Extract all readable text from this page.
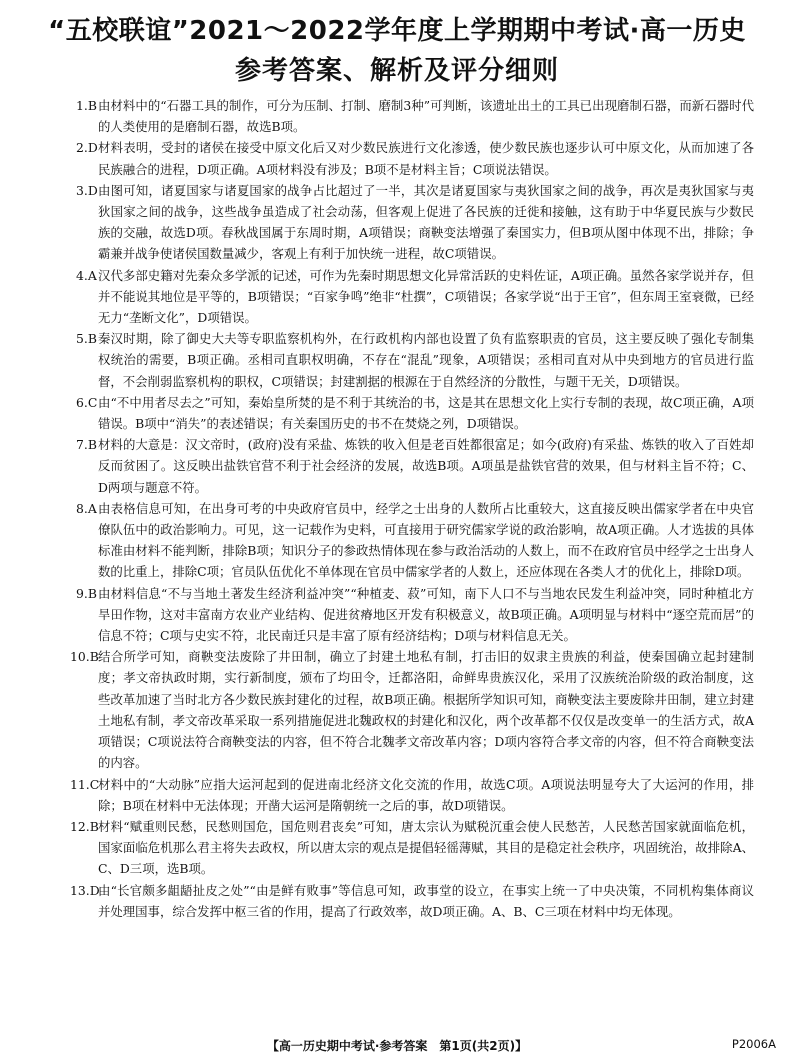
“五校联谊”2021～2022学年度上学期期中考试·高一历史
参考答案、解析及评分细则

1.B 由材料中的“石器工具的制作，可分为压制、打制、磨制3种”可判断，该遗址出土的工具已出现磨制石器，而新石器时代的人类使用的是磨制石器，故选B项。

2.D 材料表明，受封的诸侯在接受中原文化后又对少数民族进行文化渗透，使少数民族也逐步认可中原文化，从而加速了各民族融合的进程，D项正确。A项材料没有涉及；B项不是材料主旨；C项说法错误。

3.D 由图可知，诸夏国家与诸夏国家的战争占比超过了一半，其次是诸夏国家与夷狄国家之间的战争，再次是夷狄国家与夷狄国家之间的战争，这些战争虽造成了社会动荡，但客观上促进了各民族的迁徙和接触，这有助于中华夏民族与少数民族的交融，故选D项。春秋战国属于东周时期，A项错误；商鞅变法增强了秦国实力，但B项从图中体现不出，排除；争霸兼并战争使诸侯国数量减少，客观上有利于加快统一进程，故C项错误。

4.A 汉代多部史籍对先秦众多学派的记述，可作为先秦时期思想文化异常活跃的史料佐证，A项正确。虽然各家学说并存，但并不能说其地位是平等的，B项错误；“百家争鸣”绝非“杜撰”，C项错误；各家学说“出于王官”，但东周王室衰微，已经无力“垄断文化”，D项错误。

5.B 秦汉时期，除了御史大夫等专职监察机构外，在行政机构内部也设置了负有监察职责的官员，这主要反映了强化专制集权统治的需要，B项正确。丞相司直职权明确，不存在“混乱”现象，A项错误；丞相司直对从中央到地方的官员进行监督，不会削弱监察机构的职权，C项错误；封建割据的根源在于自然经济的分散性，与题干无关，D项错误。

6.C 由“不中用者尽去之”可知，秦始皇所焚的是不利于其统治的书，这是其在思想文化上实行专制的表现，故C项正确，A项错误。B项中“消失”的表述错误；有关秦国历史的书不在焚烧之列，D项错误。

7.B 材料的大意是：汉文帝时，(政府)没有采盐、炼铁的收入但是老百姓都很富足；如今(政府)有采盐、炼铁的收入了百姓却反而贫困了。这反映出盐铁官营不利于社会经济的发展，故选B项。A项虽是盐铁官营的效果，但与材料主旨不符；C、D两项与题意不符。

8.A 由表格信息可知，在出身可考的中央政府官员中，经学之士出身的人数所占比重较大，这直接反映出儒家学者在中央官僚队伍中的政治影响力。可见，这一记载作为史料，可直接用于研究儒家学说的政治影响，故A项正确。人才选拔的具体标准由材料不能判断，排除B项；知识分子的参政热情体现在参与政治活动的人数上，而不在政府官员中经学之士出身人数的比重上，排除C项；官员队伍优化不单体现在官员中儒家学者的人数上，还应体现在各类人才的优化上，排除D项。

9.B 由材料信息“不与当地土著发生经济利益冲突”“种植麦、菽”可知，南下人口不与当地农民发生利益冲突，同时种植北方旱田作物，这对丰富南方农业产业结构、促进贫瘠地区开发有积极意义，故B项正确。A项明显与材料中“逐空荒而居”的信息不符；C项与史实不符，北民南迁只是丰富了原有经济结构；D项与材料信息无关。

10.B 结合所学可知，商鞅变法废除了井田制，确立了封建土地私有制，打击旧的奴隶主贵族的利益，使秦国确立起封建制度；孝文帝执政时期，实行新制度，颁布了均田令，迁都洛阳，命鲜卑贵族汉化，采用了汉族统治阶级的政治制度，这些改革加速了当时北方各少数民族封建化的过程，故B项正确。根据所学知识可知，商鞅变法主要废除井田制，建立封建土地私有制，孝文帝改革采取一系列措施促进北魏政权的封建化和汉化，两个改革都不仅仅是改变单一的生活方式，故A项错误；C项说法符合商鞅变法的内容，但不符合北魏孝文帝改革内容；D项内容符合孝文帝的内容，但不符合商鞅变法的内容。

11.C
材料中的“大动脉”应指大运河起到的促进南北经济文化交流的作用，故选C项。A项说法明显夸大了大运河的作用，排除；B项在材料中无法体现；开凿大运河是隋朝统一之后的事，故D项错误。

12.B 材料“赋重则民愁，民愁则国危，国危则君丧矣”可知，唐太宗认为赋税沉重会使人民愁苦，人民愁苦国家就面临危机，国家面临危机那么君主将失去政权，所以唐太宗的观点是提倡轻徭薄赋，其目的是稳定社会秩序，巩固统治，故排除A、C、D三项，选B项。

13.D
由“长官颇多龃龉扯皮之处”“由是鲜有败事”等信息可知，政事堂的设立，在事实上统一了中央决策，不同机构集体商议并处理国事，综合发挥中枢三省的作用，提高了行政效率，故D项正确。A、B、C三项在材料中均无体现。

【高一历史期中考试·参考答案　第1页(共2页)】	P2006A
